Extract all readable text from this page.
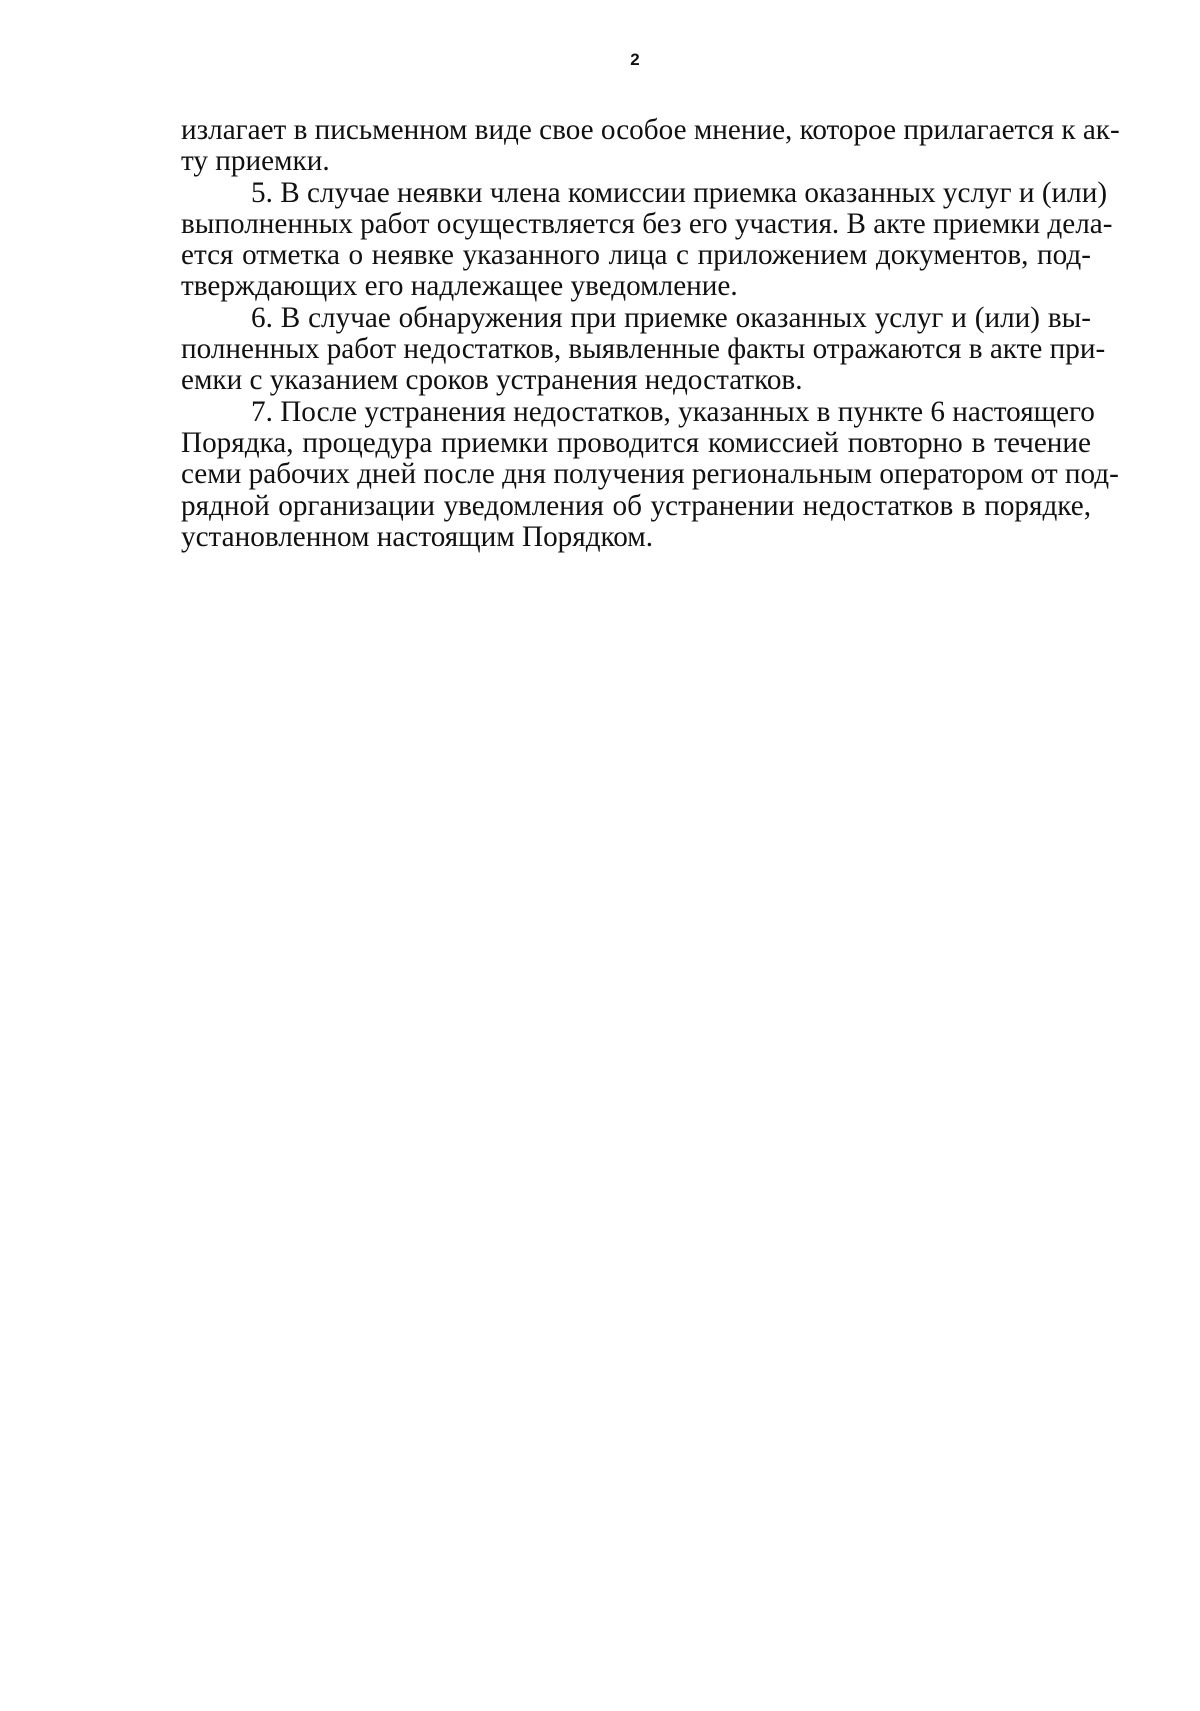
2
излагает в письменном виде свое особое мнение, которое прилагается к ак-
ту приемки.
5. В случае неявки члена комиссии приемка оказанных услуг и (или)
выполненных работ осуществляется без его участия. В акте приемки дела-
ется отметка о неявке указанного лица с приложением документов, под-
тверждающих его надлежащее уведомление.
6. В случае обнаружения при приемке оказанных услуг и (или) вы-
полненных работ недостатков, выявленные факты отражаются в акте при-
емки с указанием сроков устранения недостатков.
7. После устранения недостатков, указанных в пункте 6 настоящего
Порядка, процедура приемки проводится комиссией повторно в течение
семи рабочих дней после дня получения региональным оператором от под-
рядной организации уведомления об устранении недостатков в порядке,
установленном настоящим Порядком.
